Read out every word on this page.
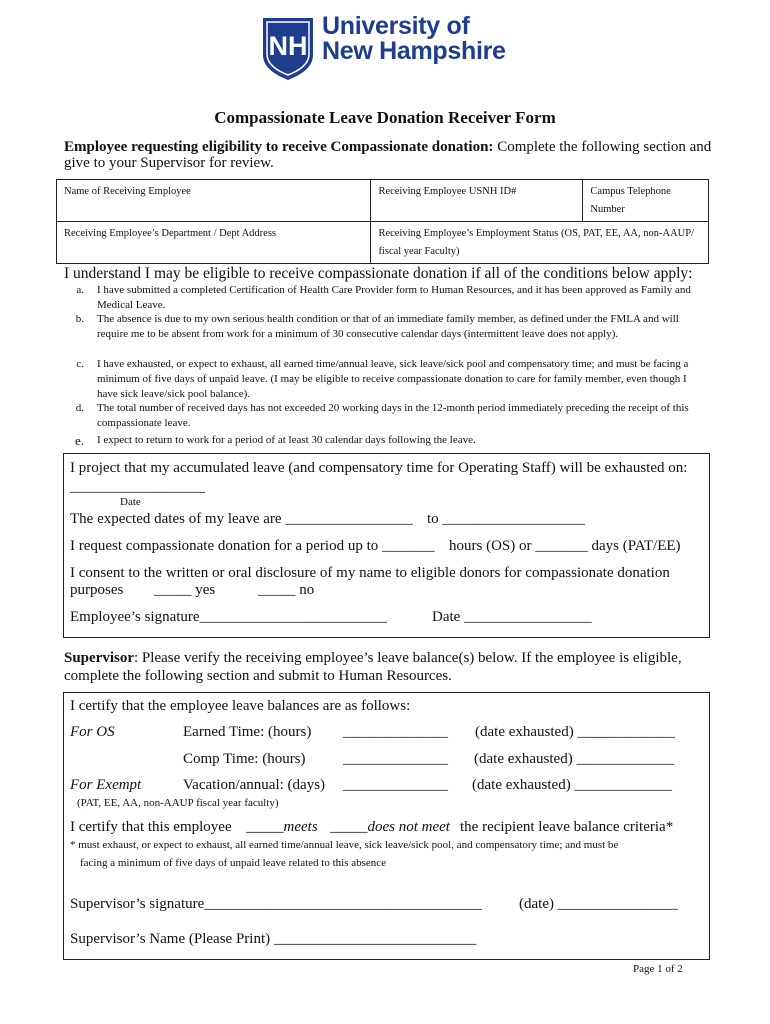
NH
University of
New Hampshire
Compassionate Leave Donation Receiver Form
Employee requesting eligibility to receive Compassionate donation: Complete the following section and give to your Supervisor for review.
Name of Receiving Employee	Receiving Employee USNH ID#	Campus Telephone Number
Receiving Employee’s Department / Dept Address	Receiving Employee’s Employment Status (OS, PAT, EE, AA, non-AAUP/ fiscal year Faculty)	
I understand I may be eligible to receive compassionate donation if all of the conditions below apply:
a. I have submitted a completed Certification of Health Care Provider form to Human Resources, and it has been approved as Family and Medical Leave.
b. The absence is due to my own serious health condition or that of an immediate family member, as defined under the FMLA and will require me to be absent from work for a minimum of 30 consecutive calendar days (intermittent leave does not apply).
c. I have exhausted, or expect to exhaust, all earned time/annual leave, sick leave/sick pool and compensatory time; and must be facing a minimum of five days of unpaid leave. (I may be eligible to receive compassionate donation to care for family member, even though I have sick leave/sick pool balance).
d. The total number of received days has not exceeded 20 working days in the 12-month period immediately preceding the receipt of this compassionate leave.
e. I expect to return to work for a period of at least 30 calendar days following the leave.
I project that my accumulated leave (and compensatory time for Operating Staff) will be exhausted on:
__________________
Date
The expected dates of my leave are _________________ to ___________________
I request compassionate donation for a period up to _______ hours (OS) or _______ days (PAT/EE)
I consent to the written or oral disclosure of my name to eligible donors for compassionate donation
purposes _____ yes	_____ no
Employee’s signature_________________________	Date _________________
Supervisor: Please verify the receiving employee’s leave balance(s) below. If the employee is eligible, complete the following section and submit to Human Resources.
I certify that the employee leave balances are as follows:
For OS	Earned Time: (hours) ______________ (date exhausted) _____________
Comp Time: (hours) ______________ (date exhausted) _____________
For Exempt	Vacation/annual: (days) ______________ (date exhausted) _____________
(PAT, EE, AA, non-AAUP fiscal year faculty)
I certify that this employee _____meets _____does not meet the recipient leave balance criteria*
* must exhaust, or expect to exhaust, all earned time/annual leave, sick leave/sick pool, and compensatory time; and must be
facing a minimum of five days of unpaid leave related to this absence
Supervisor’s signature_____________________________________ (date) ________________
Supervisor’s Name (Please Print) ___________________________
Page 1 of 2
